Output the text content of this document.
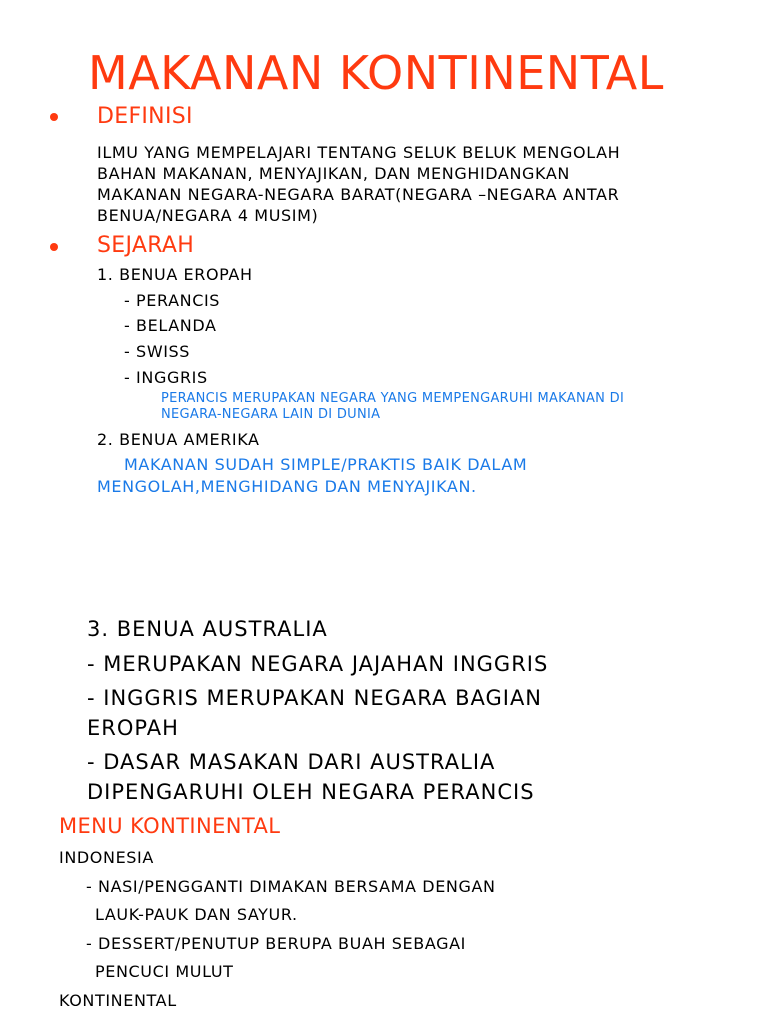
MAKANAN KONTINENTAL
DEFINISI
ILMU YANG MEMPELAJARI TENTANG SELUK BELUK MENGOLAH
BAHAN MAKANAN, MENYAJIKAN, DAN MENGHIDANGKAN
MAKANAN NEGARA-NEGARA BARAT(NEGARA –NEGARA ANTAR
BENUA/NEGARA 4 MUSIM)
SEJARAH
1. BENUA EROPAH
- PERANCIS
- BELANDA
- SWISS
- INGGRIS
PERANCIS MERUPAKAN NEGARA YANG MEMPENGARUHI MAKANAN DI
NEGARA-NEGARA LAIN DI DUNIA
2. BENUA AMERIKA
MAKANAN SUDAH SIMPLE/PRAKTIS BAIK DALAM
MENGOLAH,MENGHIDANG DAN MENYAJIKAN.
3. BENUA AUSTRALIA
- MERUPAKAN NEGARA JAJAHAN INGGRIS
- INGGRIS MERUPAKAN NEGARA BAGIAN
EROPAH
- DASAR MASAKAN DARI AUSTRALIA
DIPENGARUHI OLEH NEGARA PERANCIS
MENU KONTINENTAL
INDONESIA
- NASI/PENGGANTI DIMAKAN BERSAMA DENGAN
LAUK-PAUK DAN SAYUR.
- DESSERT/PENUTUP BERUPA BUAH SEBAGAI
PENCUCI MULUT
KONTINENTAL
